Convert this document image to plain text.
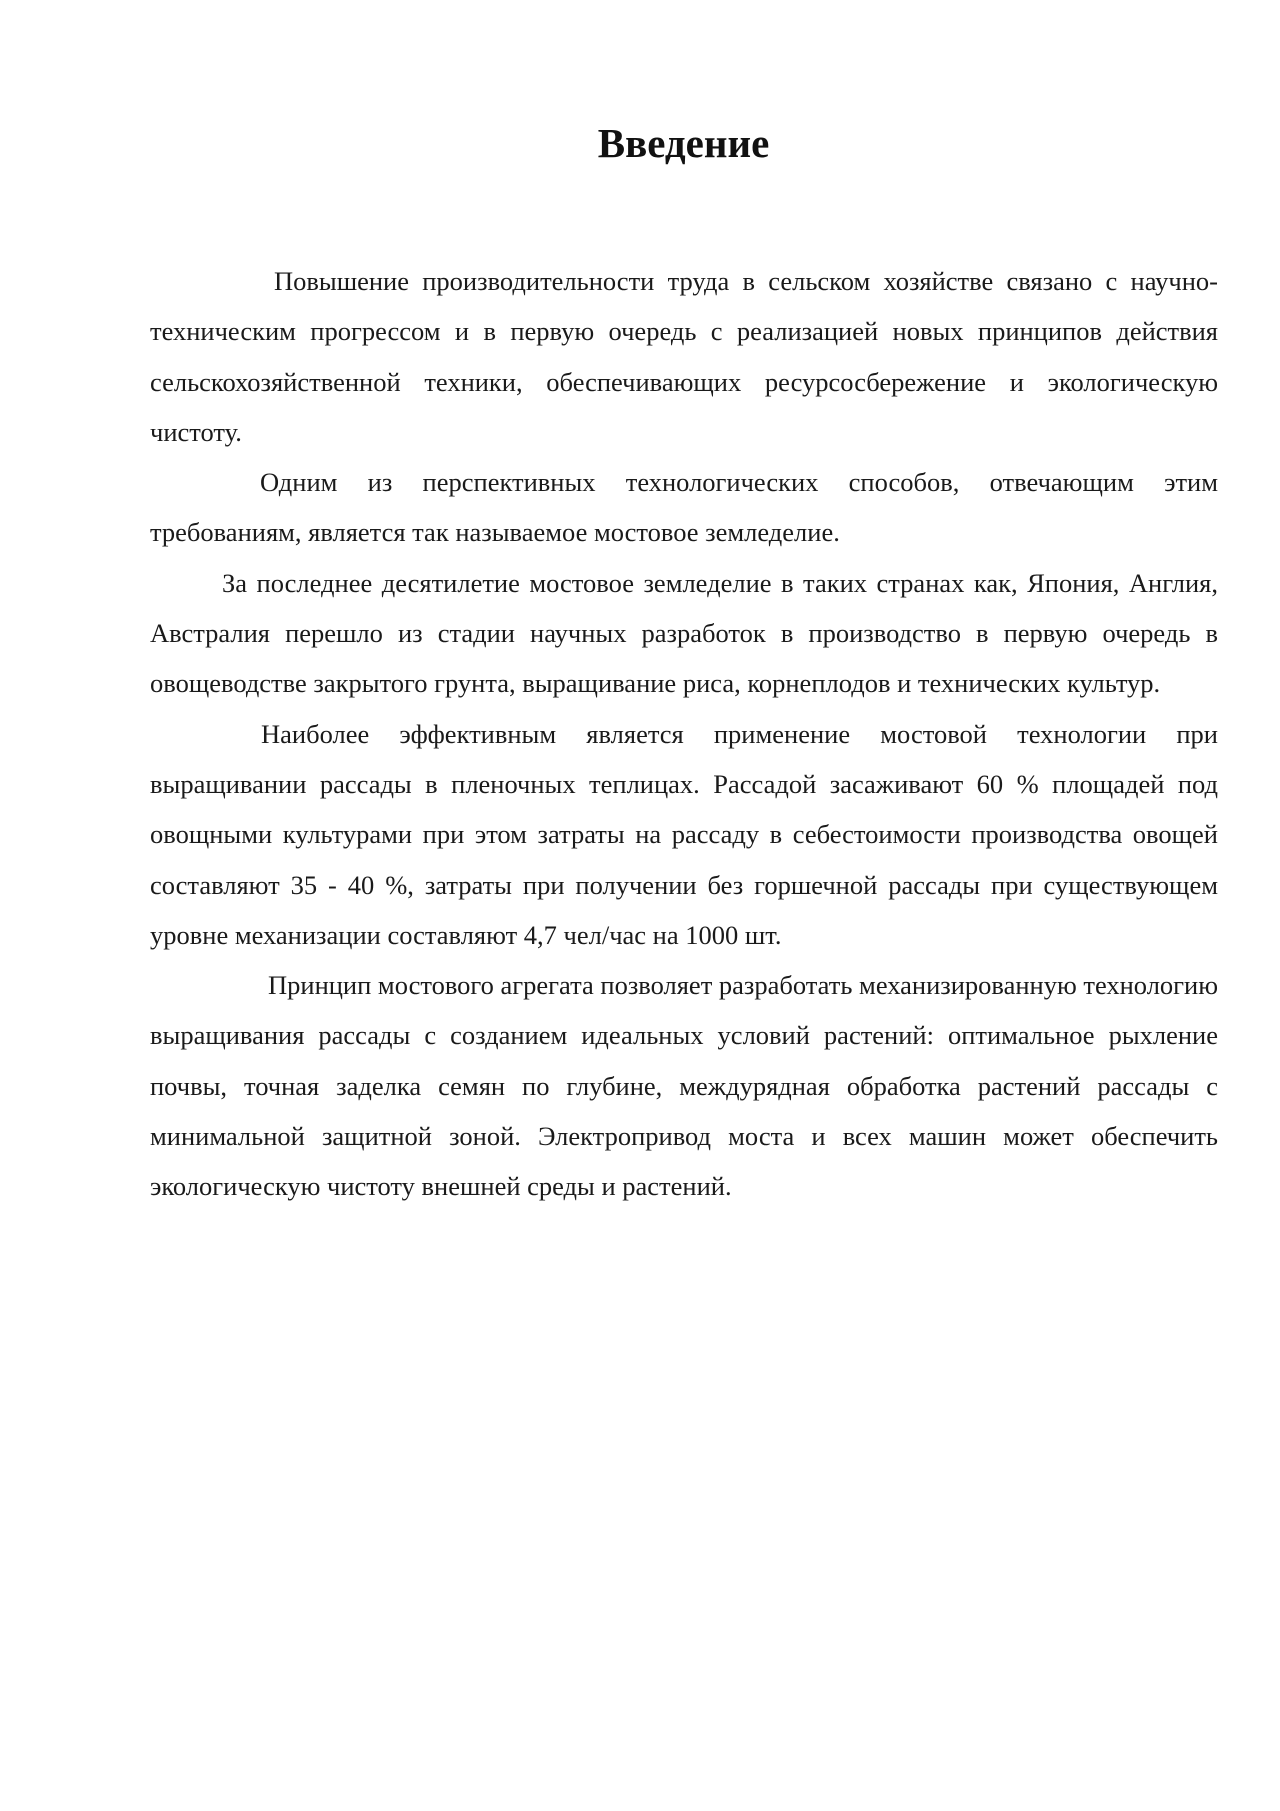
Введение

Повышение производительности труда в сельском хозяйстве связано с научно-техническим прогрессом и в первую очередь с реализацией новых принципов действия сельскохозяйственной техники, обеспечивающих ресурсосбережение и экологическую чистоту.

Одним из перспективных технологических способов, отвечающим этим требованиям, является так называемое мостовое земледелие.

За последнее десятилетие мостовое земледелие в таких странах как, Япония, Англия, Австралия перешло из стадии научных разработок в производство в первую очередь в овощеводстве закрытого грунта, выращивание риса, корнеплодов и технических культур.

Наиболее эффективным является применение мостовой технологии при выращивании рассады в пленочных теплицах. Рассадой засаживают 60 % площадей под овощными культурами при этом затраты на рассаду в себестоимости производства овощей составляют 35 - 40 %, затраты при получении без горшечной рассады при существующем уровне механизации составляют 4,7 чел/час на 1000 шт.

Принцип мостового агрегата позволяет разработать механизированную технологию выращивания рассады с созданием идеальных условий растений: оптимальное рыхление почвы, точная заделка семян по глубине, междурядная обработка растений рассады с минимальной защитной зоной. Электропривод моста и всех машин может обеспечить экологическую чистоту внешней среды и растений.
